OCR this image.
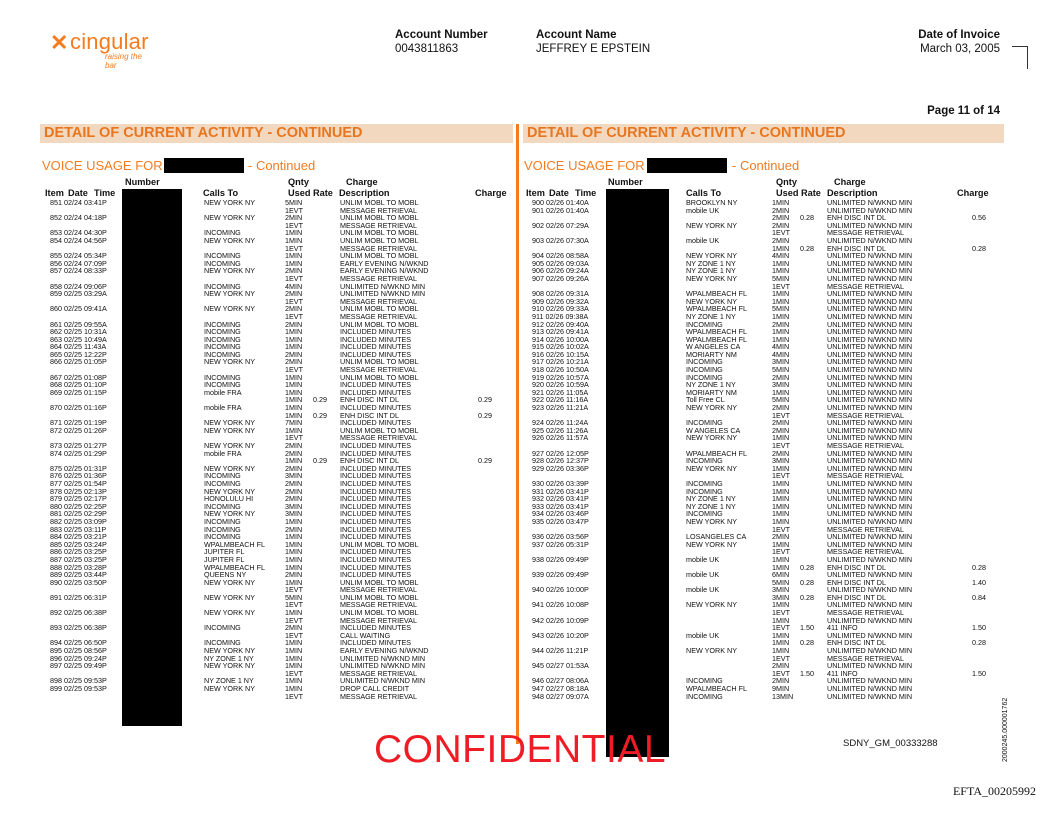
✕ cingular
raising the bar
Account Number
0043811863
Account Name
JEFFREY E EPSTEIN
Date of Invoice
March 03, 2005
Page 11 of 14
DETAIL OF CURRENT ACTIVITY - CONTINUED	DETAIL OF CURRENT ACTIVITY - CONTINUED
VOICE USAGE FOR	- Continued	VOICE USAGE FOR	- Continued
Number
Item Date Time	Calls To
Qnty
Used Rate
Charge
Description	Charge
Number
Item Date Time	Calls To
Qnty
Used Rate
Charge
Description	Charge
851 02/24 03:41P	NEW YORK NY	5MIN	UNLIM MOBL TO MOBL
1EVT	MESSAGE RETRIEVAL
852 02/24 04:18P	NEW YORK NY	2MIN	UNLIM MOBL TO MOBL
1EVT	MESSAGE RETRIEVAL
853 02/24 04:30P	INCOMING	1MIN	UNLIM MOBL TO MOBL
854 02/24 04:56P	NEW YORK NY	1MIN	UNLIM MOBL TO MOBL
1EVT	MESSAGE RETRIEVAL
855 02/24 05:34P	INCOMING	1MIN	UNLIM MOBL TO MOBL
856 02/24 07:09P	INCOMING	1MIN	EARLY EVENING N/WKND
857 02/24 08:33P	NEW YORK NY	2MIN	EARLY EVENING N/WKND
1EVT	MESSAGE RETRIEVAL
858 02/24 09:06P	INCOMING	4MIN	UNLIMITED N/WKND MIN
859 02/25 03:29A	NEW YORK NY	2MIN	UNLIMITED N/WKND MIN
1EVT	MESSAGE RETRIEVAL
860 02/25 09:41A	NEW YORK NY	2MIN	UNLIM MOBL TO MOBL
1EVT	MESSAGE RETRIEVAL
861 02/25 09:55A	INCOMING	2MIN	UNLIM MOBL TO MOBL
862 02/25 10:31A	INCOMING	1MIN	INCLUDED MINUTES
863 02/25 10:49A	INCOMING	1MIN	INCLUDED MINUTES
864 02/25 11:43A	INCOMING	1MIN	INCLUDED MINUTES
865 02/25 12:22P	INCOMING	2MIN	INCLUDED MINUTES
866 02/25 01:05P	NEW YORK NY	2MIN	UNLIM MOBL TO MOBL
1EVT	MESSAGE RETRIEVAL
867 02/25 01:08P	INCOMING	1MIN	UNLIM MOBL TO MOBL
868 02/25 01:10P	INCOMING	1MIN	INCLUDED MINUTES
869 02/25 01:15P	mobile FRA	1MIN	INCLUDED MINUTES
1MIN 0.29 ENH DISC INT DL	0.29
870 02/25 01:16P	mobile FRA	1MIN	INCLUDED MINUTES
1MIN 0.29 ENH DISC INT DL	0.29
871 02/25 01:19P	NEW YORK NY	7MIN	INCLUDED MINUTES
872 02/25 01:26P	NEW YORK NY	1MIN	UNLIM MOBL TO MOBL
1EVT	MESSAGE RETRIEVAL
873 02/25 01:27P	NEW YORK NY	2MIN	INCLUDED MINUTES
874 02/25 01:29P	mobile FRA	2MIN	INCLUDED MINUTES
1MIN 0.29 ENH DISC INT DL	0.29
875 02/25 01:31P	NEW YORK NY	2MIN	INCLUDED MINUTES
876 02/25 01:36P	INCOMING	3MIN	INCLUDED MINUTES
877 02/25 01:54P	INCOMING	2MIN	INCLUDED MINUTES
878 02/25 02:13P	NEW YORK NY	2MIN	INCLUDED MINUTES
879 02/25 02:17P	HONOLULU HI	2MIN	INCLUDED MINUTES
880 02/25 02:25P	INCOMING	3MIN	INCLUDED MINUTES
881 02/25 02:29P	NEW YORK NY	3MIN	INCLUDED MINUTES
882 02/25 03:09P	INCOMING	1MIN	INCLUDED MINUTES
883 02/25 03:11P	INCOMING	2MIN	INCLUDED MINUTES
884 02/25 03:21P	INCOMING	1MIN	INCLUDED MINUTES
885 02/25 03:24P	WPALMBEACH FL	1MIN	UNLIM MOBL TO MOBL
886 02/25 03:25P	JUPITER FL	1MIN	INCLUDED MINUTES
887 02/25 03:25P	JUPITER FL	1MIN	INCLUDED MINUTES
888 02/25 03:28P	WPALMBEACH FL	1MIN	INCLUDED MINUTES
889 02/25 03:44P	QUEENS NY	2MIN	INCLUDED MINUTES
890 02/25 03:50P	NEW YORK NY	1MIN	UNLIM MOBL TO MOBL
1EVT	MESSAGE RETRIEVAL
891 02/25 06:31P	NEW YORK NY	5MIN	UNLIM MOBL TO MOBL
1EVT	MESSAGE RETRIEVAL
892 02/25 06:38P	NEW YORK NY	1MIN	UNLIM MOBL TO MOBL
1EVT	MESSAGE RETRIEVAL
893 02/25 06:38P	INCOMING	2MIN	INCLUDED MINUTES
1EVT	CALL WAITING
894 02/25 06:50P	INCOMING	1MIN	INCLUDED MINUTES
895 02/25 08:56P	NEW YORK NY	1MIN	EARLY EVENING N/WKND
896 02/25 09:24P	NY ZONE 1 NY	1MIN	UNLIMITED N/WKND MIN
897 02/25 09:49P	NEW YORK NY	1MIN	UNLIMITED N/WKND MIN
1EVT	MESSAGE RETRIEVAL
898 02/25 09:53P	NY ZONE 1 NY	1MIN	UNLIMITED N/WKND MIN
899 02/25 09:53P	NEW YORK NY	1MIN	DROP CALL CREDIT
1EVT	MESSAGE RETRIEVAL
900 02/26 01:40A	BROOKLYN NY	1MIN	UNLIMITED N/WKND MIN
901 02/26 01:40A	mobile UK	2MIN	UNLIMITED N/WKND MIN
2MIN 0.28 ENH DISC INT DL	0.56
902 02/26 07:29A	NEW YORK NY	2MIN	UNLIMITED N/WKND MIN
1EVT	MESSAGE RETRIEVAL
903 02/26 07:30A	mobile UK	2MIN	UNLIMITED N/WKND MIN
1MIN 0.28 ENH DISC INT DL	0.28
904 02/26 08:58A	NEW YORK NY	4MIN	UNLIMITED N/WKND MIN
905 02/26 09:03A	NY ZONE 1 NY	1MIN	UNLIMITED N/WKND MIN
906 02/26 09:24A	NY ZONE 1 NY	1MIN	UNLIMITED N/WKND MIN
907 02/26 09:26A	NEW YORK NY	5MIN	UNLIMITED N/WKND MIN
1EVT	MESSAGE RETRIEVAL
908 02/26 09:31A	WPALMBEACH FL	1MIN	UNLIMITED N/WKND MIN
909 02/26 09:32A	NEW YORK NY	1MIN	UNLIMITED N/WKND MIN
910 02/26 09:33A	WPALMBEACH FL	5MIN	UNLIMITED N/WKND MIN
911 02/26 09:38A	NY ZONE 1 NY	1MIN	UNLIMITED N/WKND MIN
912 02/26 09:40A	INCOMING	2MIN	UNLIMITED N/WKND MIN
913 02/26 09:41A	WPALMBEACH FL	1MIN	UNLIMITED N/WKND MIN
914 02/26 10:00A	WPALMBEACH FL	1MIN	UNLIMITED N/WKND MIN
915 02/26 10:02A	W ANGELES CA	4MIN	UNLIMITED N/WKND MIN
916 02/26 10:15A	MORIARTY NM	4MIN	UNLIMITED N/WKND MIN
917 02/26 10:21A	INCOMING	3MIN	UNLIMITED N/WKND MIN
918 02/26 10:50A	INCOMING	5MIN	UNLIMITED N/WKND MIN
919 02/26 10:57A	INCOMING	2MIN	UNLIMITED N/WKND MIN
920 02/26 10:59A	NY ZONE 1 NY	3MIN	UNLIMITED N/WKND MIN
921 02/26 11:05A	MORIARTY NM	1MIN	UNLIMITED N/WKND MIN
922 02/26 11:16A	Toll Free CL	5MIN	UNLIMITED N/WKND MIN
923 02/26 11:21A	NEW YORK NY	2MIN	UNLIMITED N/WKND MIN
1EVT	MESSAGE RETRIEVAL
924 02/26 11:24A	INCOMING	2MIN	UNLIMITED N/WKND MIN
925 02/26 11:26A	W ANGELES CA	2MIN	UNLIMITED N/WKND MIN
926 02/26 11:57A	NEW YORK NY	1MIN	UNLIMITED N/WKND MIN
1EVT	MESSAGE RETRIEVAL
927 02/26 12:05P	WPALMBEACH FL	2MIN	UNLIMITED N/WKND MIN
928 02/26 12:37P	INCOMING	3MIN	UNLIMITED N/WKND MIN
929 02/26 03:36P	NEW YORK NY	1MIN	UNLIMITED N/WKND MIN
1EVT	MESSAGE RETRIEVAL
930 02/26 03:39P	INCOMING	1MIN	UNLIMITED N/WKND MIN
931 02/26 03:41P	INCOMING	1MIN	UNLIMITED N/WKND MIN
932 02/26 03:41P	NY ZONE 1 NY	1MIN	UNLIMITED N/WKND MIN
933 02/26 03:41P	NY ZONE 1 NY	1MIN	UNLIMITED N/WKND MIN
934 02/26 03:46P	INCOMING	1MIN	UNLIMITED N/WKND MIN
935 02/26 03:47P	NEW YORK NY	1MIN	UNLIMITED N/WKND MIN
1EVT	MESSAGE RETRIEVAL
936 02/26 03:56P	LOSANGELES CA	2MIN	UNLIMITED N/WKND MIN
937 02/26 05:31P	NEW YORK NY	1MIN	UNLIMITED N/WKND MIN
1EVT	MESSAGE RETRIEVAL
938 02/26 09:49P	mobile UK	1MIN	UNLIMITED N/WKND MIN
1MIN 0.28 ENH DISC INT DL	0.28
939 02/26 09:49P	mobile UK	6MIN	UNLIMITED N/WKND MIN
5MIN 0.28 ENH DISC INT DL	1.40
940 02/26 10:00P	mobile UK	3MIN	UNLIMITED N/WKND MIN
3MIN 0.28 ENH DISC INT DL	0.84
941 02/26 10:08P	NEW YORK NY	1MIN	UNLIMITED N/WKND MIN
1EVT	MESSAGE RETRIEVAL
942 02/26 10:09P	1MIN	UNLIMITED N/WKND MIN
1EVT 1.50 411 INFO	1.50
943 02/26 10:20P	mobile UK	1MIN	UNLIMITED N/WKND MIN
1MIN 0.28 ENH DISC INT DL	0.28
944 02/26 11:21P	NEW YORK NY	1MIN	UNLIMITED N/WKND MIN
1EVT	MESSAGE RETRIEVAL
945 02/27 01:53A	2MIN	UNLIMITED N/WKND MIN
1EVT 1.50 411 INFO	1.50
946 02/27 08:06A	INCOMING	2MIN	UNLIMITED N/WKND MIN
947 02/27 08:18A	WPALMBEACH FL	9MIN	UNLIMITED N/WKND MIN
948 02/27 09:07A	INCOMING	13MIN	UNLIMITED N/WKND MIN
CONFIDENTIAL	SDNY_GM_00333288
EFTA_00205992
2000245.000001762
